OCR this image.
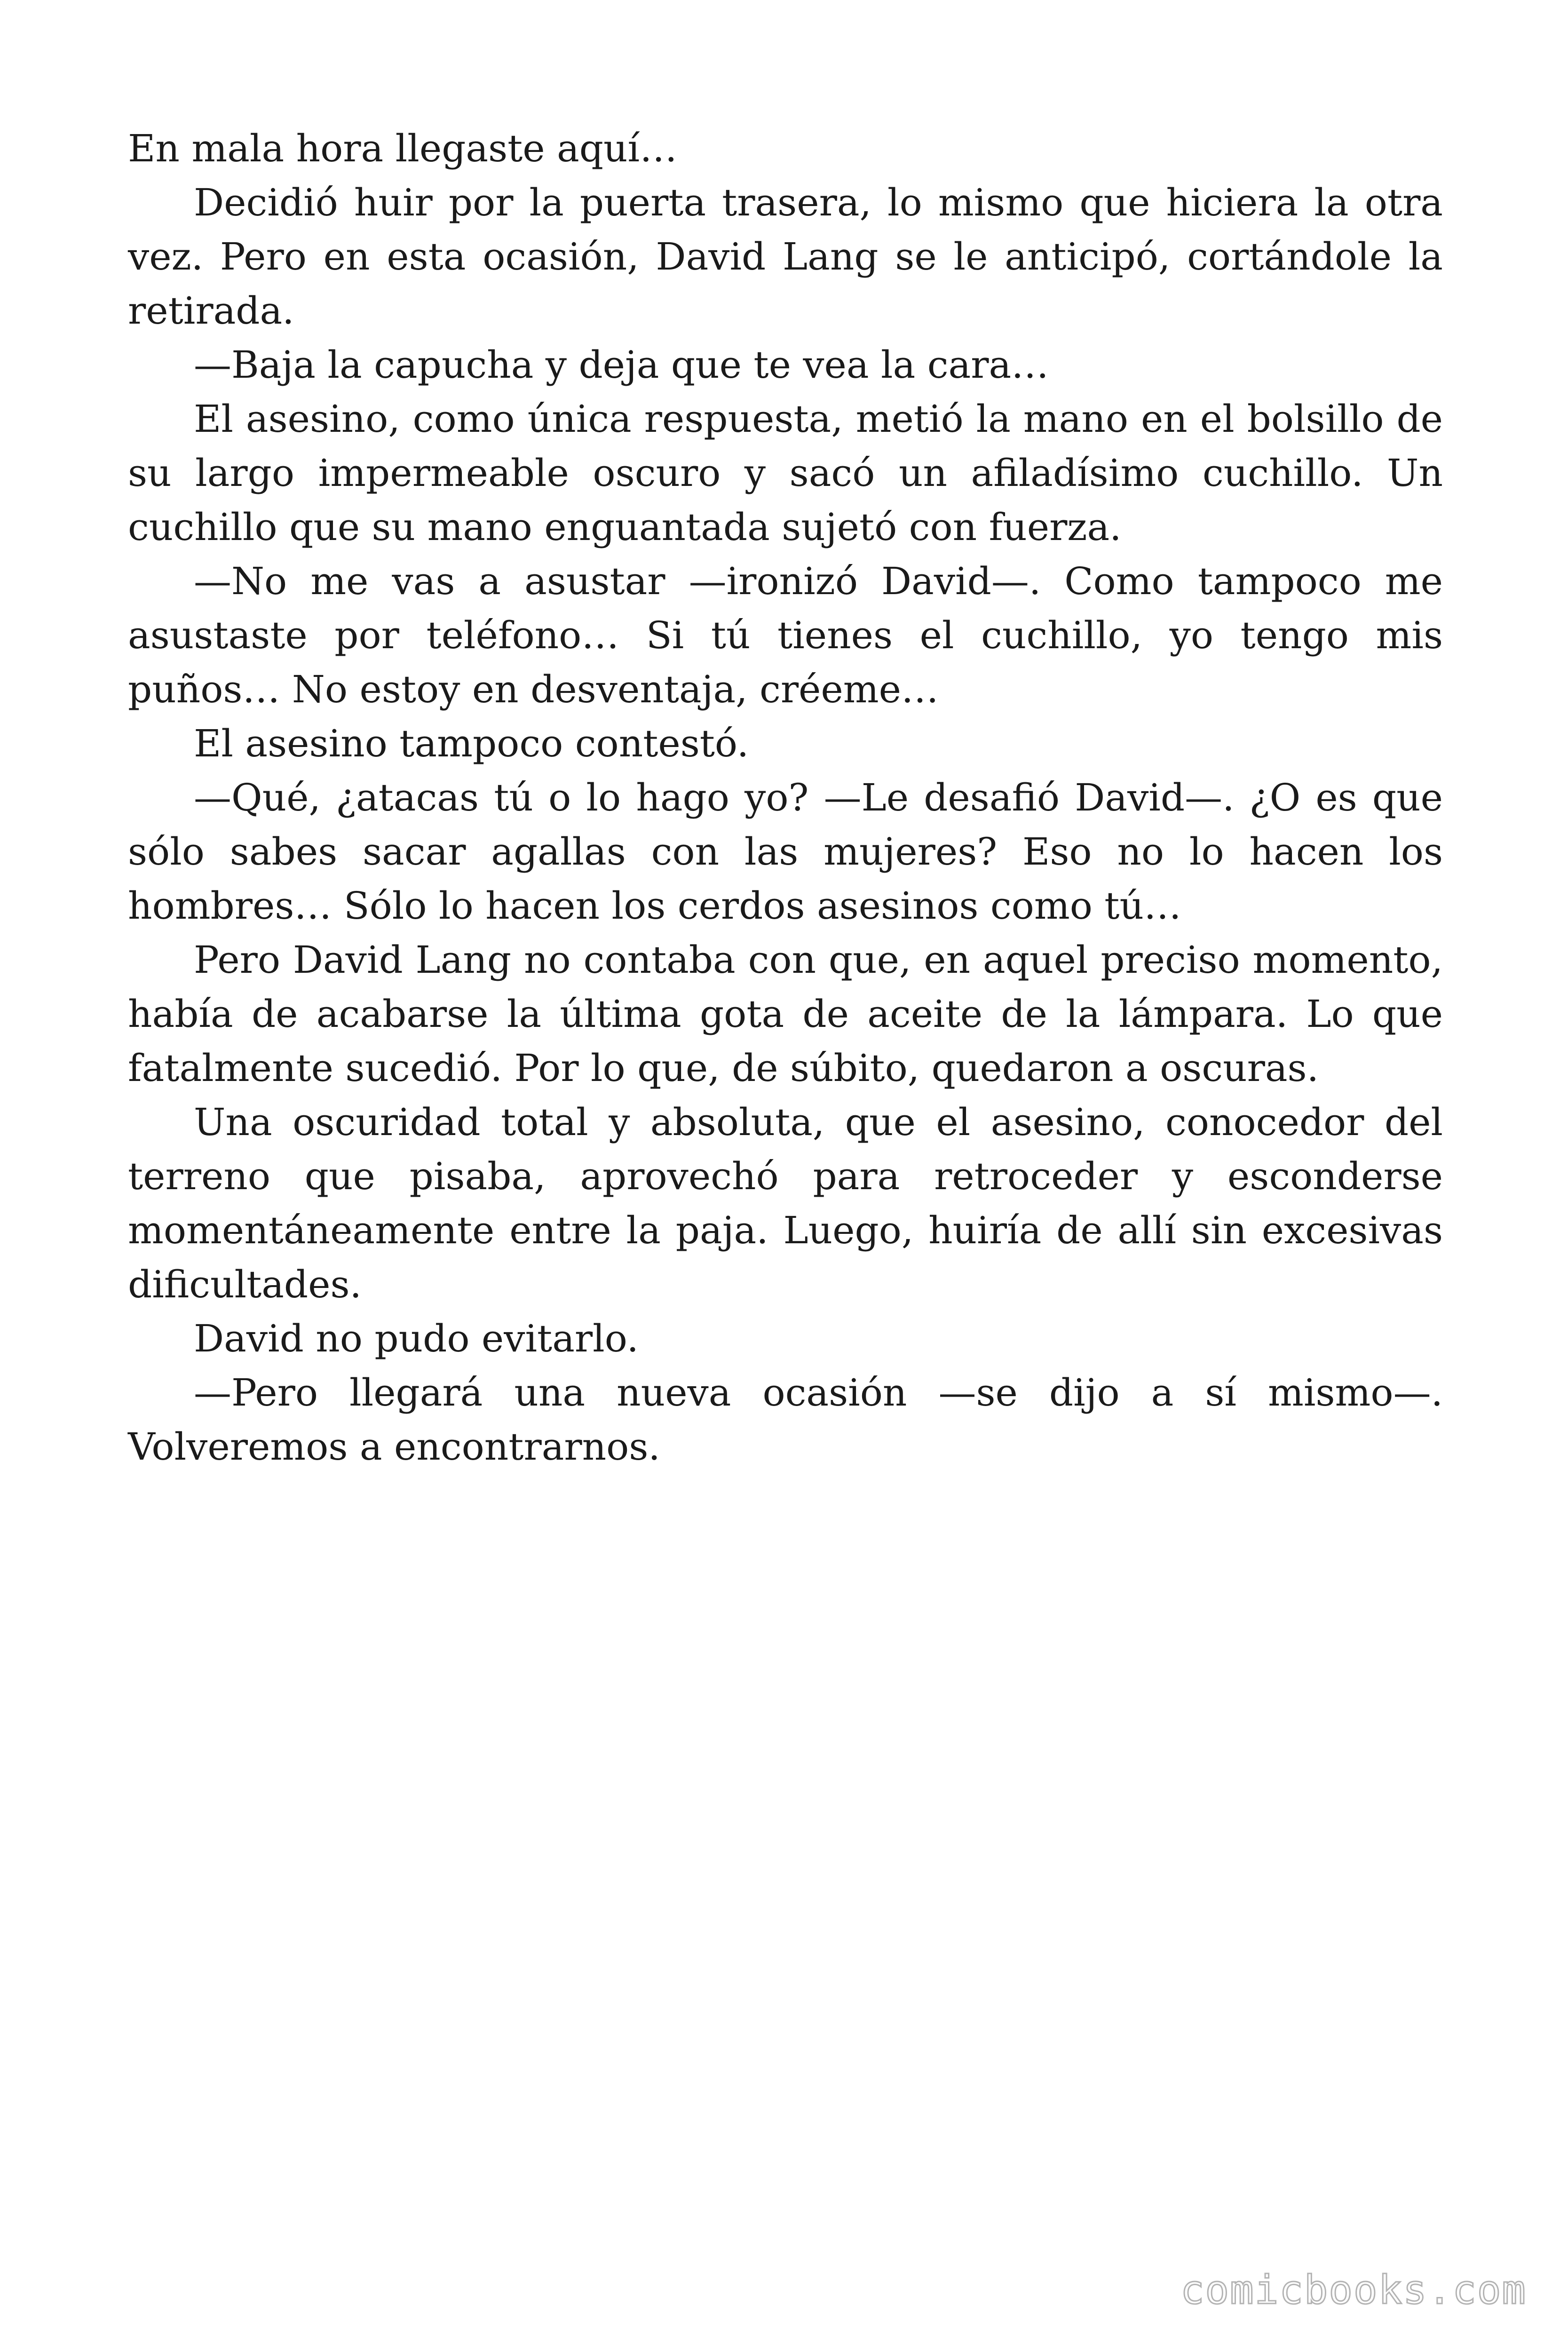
En mala hora llegaste aquí…

Decidió huir por la puerta trasera, lo mismo que hiciera la otra vez. Pero en esta ocasión, David Lang se le anticipó, cortándole la retirada.

—Baja la capucha y deja que te vea la cara…

El asesino, como única respuesta, metió la mano en el bolsillo de su largo impermeable oscuro y sacó un afiladísimo cuchillo. Un cuchillo que su mano enguantada sujetó con fuerza.

—No me vas a asustar —ironizó David—. Como tampoco me asustaste por teléfono… Si tú tienes el cuchillo, yo tengo mis puños… No estoy en desventaja, créeme…

El asesino tampoco contestó.

—Qué, ¿atacas tú o lo hago yo? —Le desafió David—. ¿O es que sólo sabes sacar agallas con las mujeres? Eso no lo hacen los hombres… Sólo lo hacen los cerdos asesinos como tú…

Pero David Lang no contaba con que, en aquel preciso momento, había de acabarse la última gota de aceite de la lámpara. Lo que fatalmente sucedió. Por lo que, de súbito, quedaron a oscuras.

Una oscuridad total y absoluta, que el asesino, conocedor del terreno que pisaba, aprovechó para retroceder y esconderse momentáneamente entre la paja. Luego, huiría de allí sin excesivas dificultades.

David no pudo evitarlo.

—Pero llegará una nueva ocasión —se dijo a sí mismo—. Volveremos a encontrarnos.

comicbooks.com
